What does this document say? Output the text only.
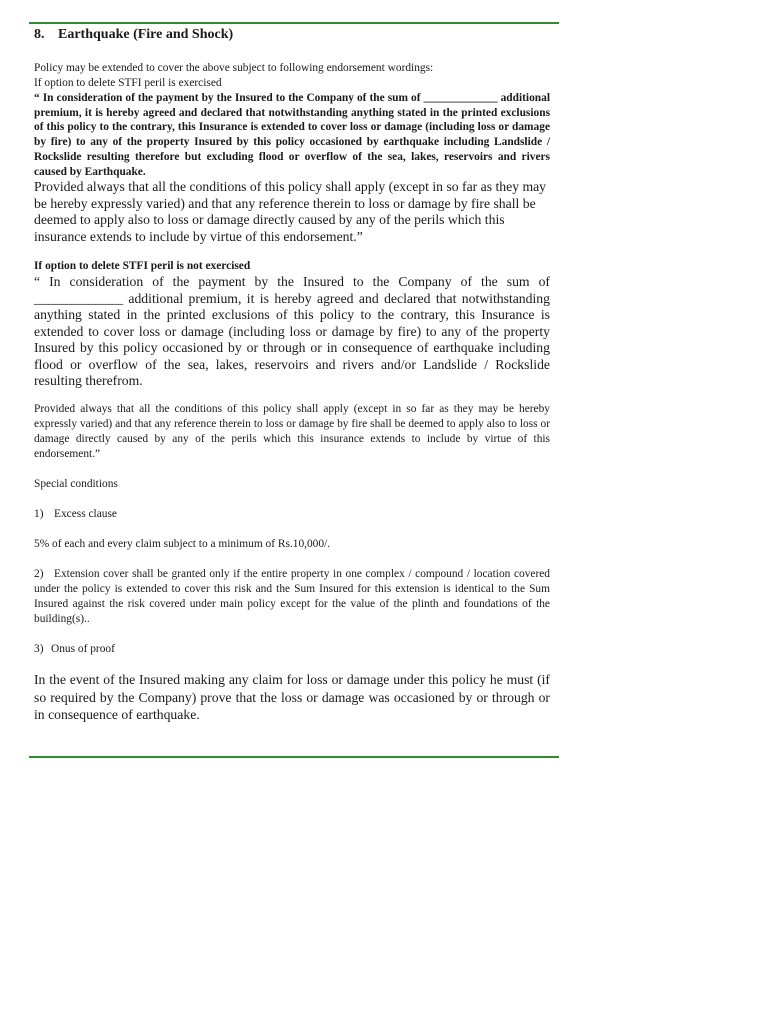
8. Earthquake (Fire and Shock)

Policy may be extended to cover the above subject to following endorsement wordings:

If option to delete STFI peril is exercised

“ In consideration of the payment by the Insured to the Company of the sum of _____________ additional premium, it is hereby agreed and declared that notwithstanding anything stated in the printed exclusions of this policy to the contrary, this Insurance is extended to cover loss or damage (including loss or damage by fire) to any of the property Insured by this policy occasioned by earthquake including Landslide / Rockslide resulting therefore but excluding flood or overflow of the sea, lakes, reservoirs and rivers caused by Earthquake.

Provided always that all the conditions of this policy shall apply (except in so far as they may be hereby expressly varied) and that any reference therein to loss or damage by fire shall be deemed to apply also to loss or damage directly caused by any of the perils which this insurance extends to include by virtue of this endorsement.”

If option to delete STFI peril is not exercised

“ In consideration of the payment by the Insured to the Company of the sum of _____________ additional premium, it is hereby agreed and declared that notwithstanding anything stated in the printed exclusions of this policy to the contrary, this Insurance is extended to cover loss or damage (including loss or damage by fire) to any of the property Insured by this policy occasioned by or through or in consequence of earthquake including flood or overflow of the sea, lakes, reservoirs and rivers and/or Landslide / Rockslide resulting therefrom.

Provided always that all the conditions of this policy shall apply (except in so far as they may be hereby expressly varied) and that any reference therein to loss or damage by fire shall be deemed to apply also to loss or damage directly caused by any of the perils which this insurance extends to include by virtue of this endorsement.”

Special conditions

1) Excess clause

5% of each and every claim subject to a minimum of Rs.10,000/.

2) Extension cover shall be granted only if the entire property in one complex / compound / location covered under the policy is extended to cover this risk and the Sum Insured for this extension is identical to the Sum Insured against the risk covered under main policy except for the value of the plinth and foundations of the building(s)..

3) Onus of proof

In the event of the Insured making any claim for loss or damage under this policy he must (if so required by the Company) prove that the loss or damage was occasioned by or through or in consequence of earthquake.
